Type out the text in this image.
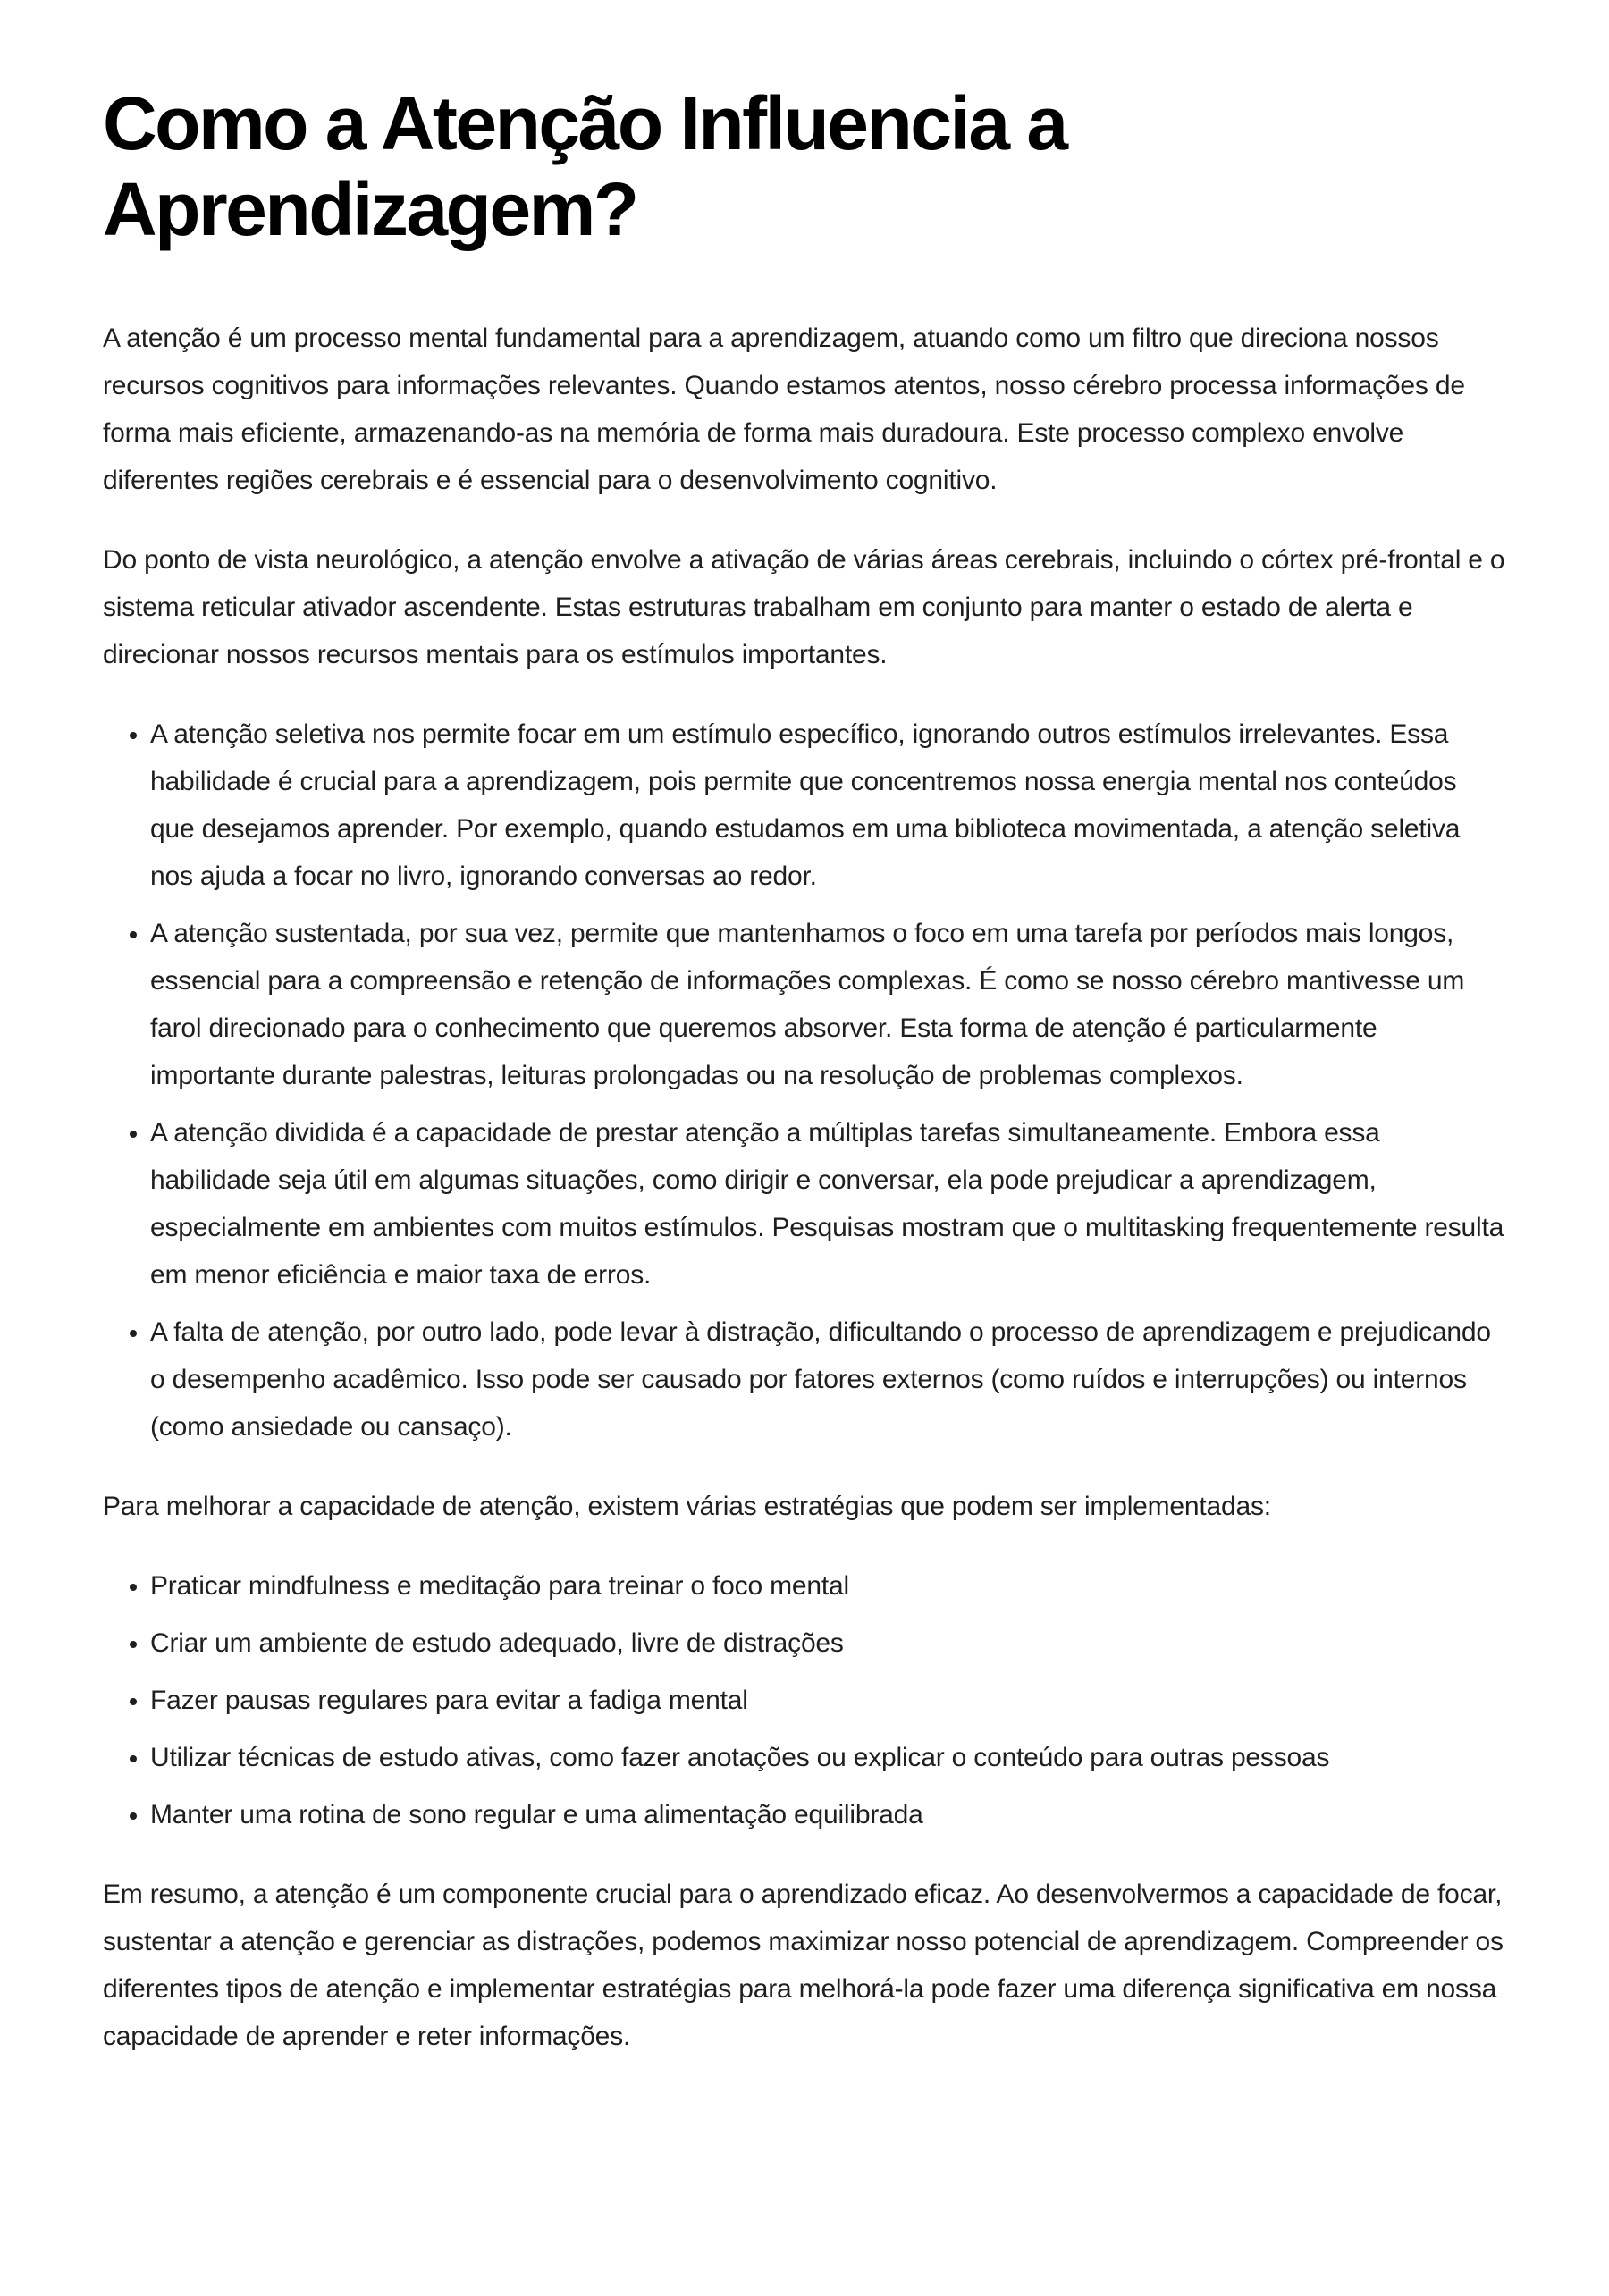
Como a Atenção Influencia a Aprendizagem?

A atenção é um processo mental fundamental para a aprendizagem, atuando como um filtro que direciona nossos recursos cognitivos para informações relevantes. Quando estamos atentos, nosso cérebro processa informações de forma mais eficiente, armazenando-as na memória de forma mais duradoura. Este processo complexo envolve diferentes regiões cerebrais e é essencial para o desenvolvimento cognitivo.

Do ponto de vista neurológico, a atenção envolve a ativação de várias áreas cerebrais, incluindo o córtex pré-frontal e o sistema reticular ativador ascendente. Estas estruturas trabalham em conjunto para manter o estado de alerta e direcionar nossos recursos mentais para os estímulos importantes.

• A atenção seletiva nos permite focar em um estímulo específico, ignorando outros estímulos irrelevantes. Essa habilidade é crucial para a aprendizagem, pois permite que concentremos nossa energia mental nos conteúdos que desejamos aprender. Por exemplo, quando estudamos em uma biblioteca movimentada, a atenção seletiva nos ajuda a focar no livro, ignorando conversas ao redor.
• A atenção sustentada, por sua vez, permite que mantenhamos o foco em uma tarefa por períodos mais longos, essencial para a compreensão e retenção de informações complexas. É como se nosso cérebro mantivesse um farol direcionado para o conhecimento que queremos absorver. Esta forma de atenção é particularmente importante durante palestras, leituras prolongadas ou na resolução de problemas complexos.
• A atenção dividida é a capacidade de prestar atenção a múltiplas tarefas simultaneamente. Embora essa habilidade seja útil em algumas situações, como dirigir e conversar, ela pode prejudicar a aprendizagem, especialmente em ambientes com muitos estímulos. Pesquisas mostram que o multitasking frequentemente resulta em menor eficiência e maior taxa de erros.
• A falta de atenção, por outro lado, pode levar à distração, dificultando o processo de aprendizagem e prejudicando o desempenho acadêmico. Isso pode ser causado por fatores externos (como ruídos e interrupções) ou internos (como ansiedade ou cansaço).

Para melhorar a capacidade de atenção, existem várias estratégias que podem ser implementadas:

• Praticar mindfulness e meditação para treinar o foco mental
• Criar um ambiente de estudo adequado, livre de distrações
• Fazer pausas regulares para evitar a fadiga mental
• Utilizar técnicas de estudo ativas, como fazer anotações ou explicar o conteúdo para outras pessoas
• Manter uma rotina de sono regular e uma alimentação equilibrada

Em resumo, a atenção é um componente crucial para o aprendizado eficaz. Ao desenvolvermos a capacidade de focar, sustentar a atenção e gerenciar as distrações, podemos maximizar nosso potencial de aprendizagem. Compreender os diferentes tipos de atenção e implementar estratégias para melhorá-la pode fazer uma diferença significativa em nossa capacidade de aprender e reter informações.
